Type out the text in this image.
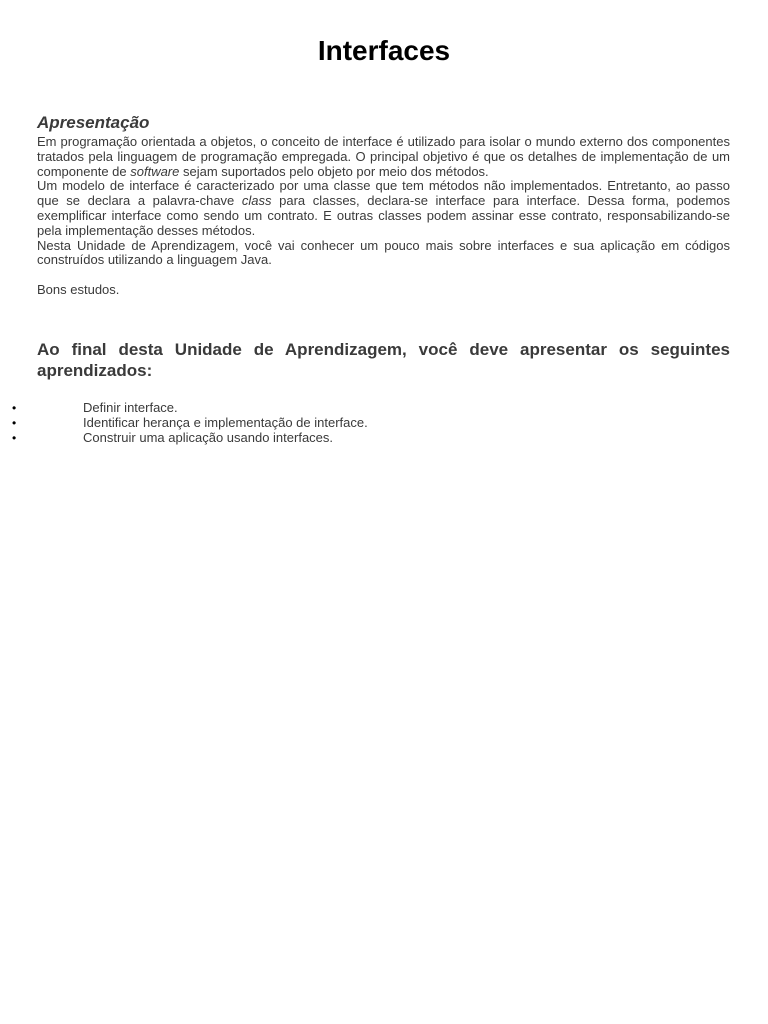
Interfaces
Apresentação

Em programação orientada a objetos, o conceito de interface é utilizado para isolar o mundo externo dos componentes tratados pela linguagem de programação empregada. O principal objetivo é que os detalhes de implementação de um componente de software sejam suportados pelo objeto por meio dos métodos.

Um modelo de interface é caracterizado por uma classe que tem métodos não implementados. Entretanto, ao passo que se declara a palavra-chave class para classes, declara-se interface para interface. Dessa forma, podemos exemplificar interface como sendo um contrato. E outras classes podem assinar esse contrato, responsabilizando-se pela implementação desses métodos.

Nesta Unidade de Aprendizagem, você vai conhecer um pouco mais sobre interfaces e sua aplicação em códigos construídos utilizando a linguagem Java.

Bons estudos.

Ao final desta Unidade de Aprendizagem, você deve apresentar os seguintes aprendizados:
•	Definir interface.
•	Identificar herança e implementação de interface.
•	Construir uma aplicação usando interfaces.
